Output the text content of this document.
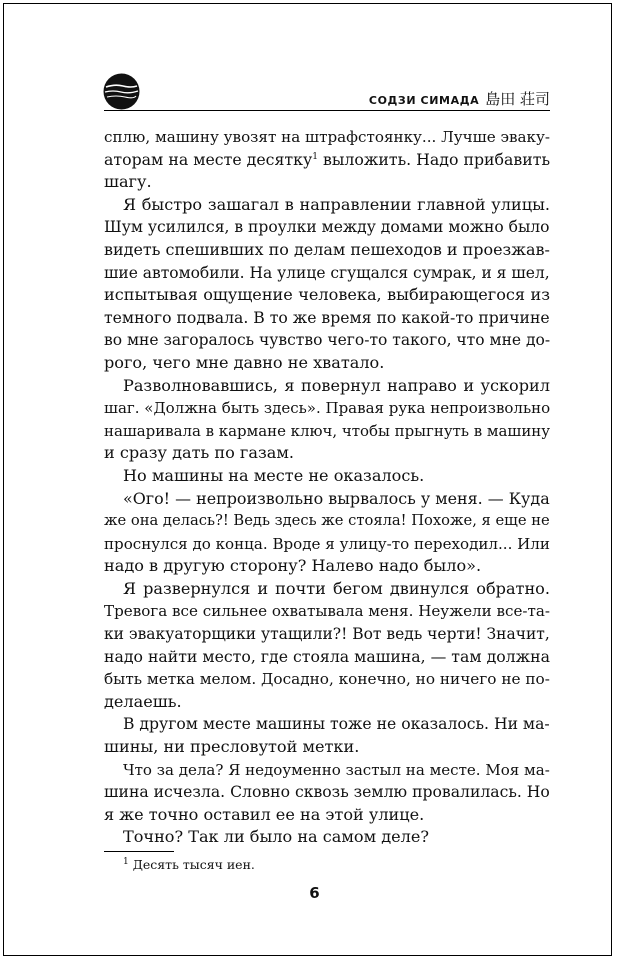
СОДЗИ СИМАДА 島田 荘司
сплю, машину увозят на штрафстоянку... Лучше эваку-
аторам на месте десятку$^1$ выложить. Надо прибавить
шагу.
Я быстро зашагал в направлении главной улицы.
Шум усилился, в проулки между домами можно было
видеть спешивших по делам пешеходов и проезжав-
шие автомобили. На улице сгущался сумрак, и я шел,
испытывая ощущение человека, выбирающегося из
темного подвала. В то же время по какой-то причине
во мне загоралось чувство чего-то такого, что мне до-
рого, чего мне давно не хватало.
Разволновавшись, я повернул направо и ускорил
шаг. «Должна быть здесь». Правая рука непроизвольно
нашаривала в кармане ключ, чтобы прыгнуть в машину
и сразу дать по газам.
Но машины на месте не оказалось.
«Ого! — непроизвольно вырвалось у меня. — Куда
же она делась?! Ведь здесь же стояла! Похоже, я еще не
проснулся до конца. Вроде я улицу-то переходил... Или
надо в другую сторону? Налево надо было».
Я развернулся и почти бегом двинулся обратно.
Тревога все сильнее охватывала меня. Неужели все-та-
ки эвакуаторщики утащили?! Вот ведь черти! Значит,
надо найти место, где стояла машина, — там должна
быть метка мелом. Досадно, конечно, но ничего не по-
делаешь.
В другом месте машины тоже не оказалось. Ни ма-
шины, ни пресловутой метки.
Что за дела? Я недоуменно застыл на месте. Моя ма-
шина исчезла. Словно сквозь землю провалилась. Но
я же точно оставил ее на этой улице.
Точно? Так ли было на самом деле?
$^1$ Десять тысяч иен.
6
